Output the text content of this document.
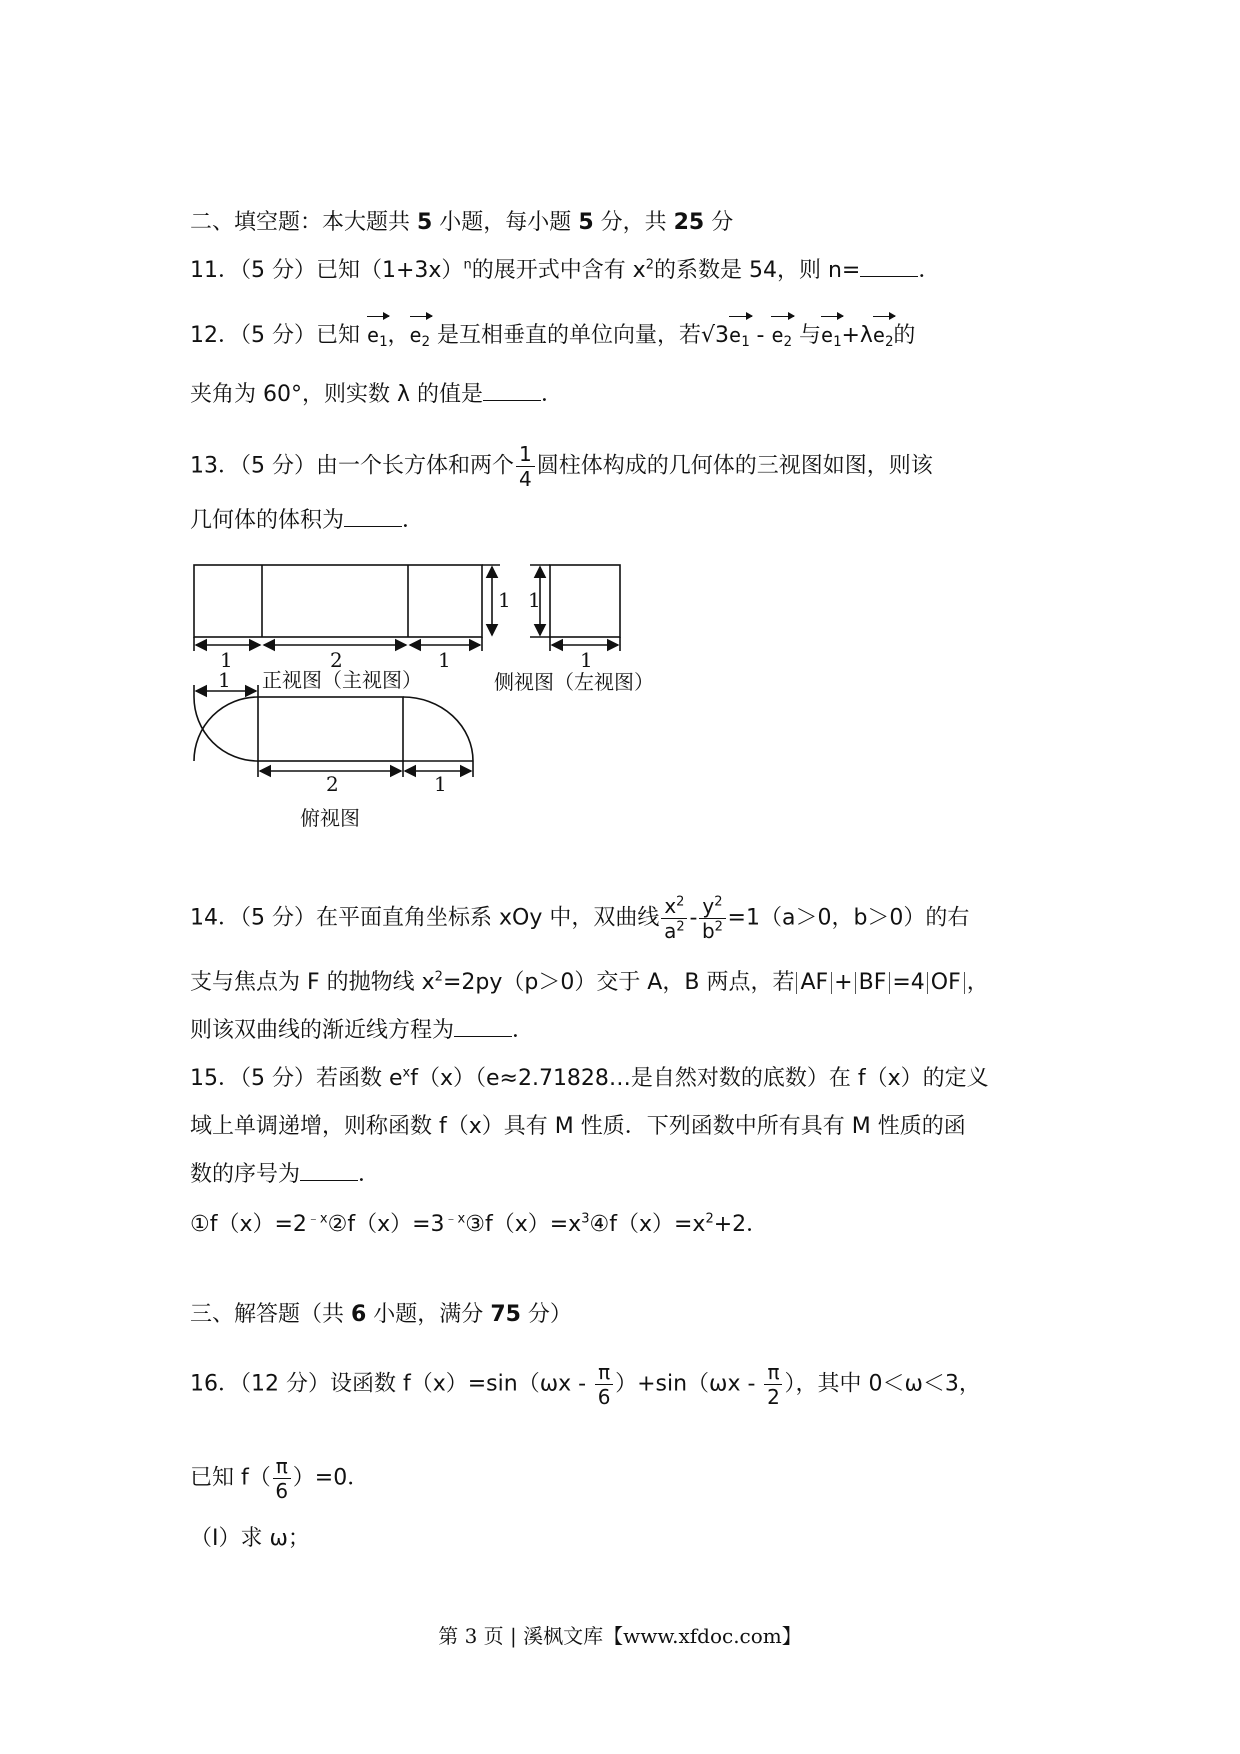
二、填空题：本大题共 5 小题，每小题 5 分，共 25 分
11．（5 分）已知$(1+3x)^n$的展开式中含有 $x^2$的系数是 54，则 n=	．
12．（5 分）已知 $e_1$，$e_2$ 是互相垂直的单位向量，若$√3e_1 - e_2$ 与$e_1+\lambda e_2$的
夹角为 60°，则实数 λ 的值是	．
13．（5 分）由一个长方体和两个 $\frac{1}{4}$ 圆柱体构成的几何体的三视图如图，则该
几何体的体积为	．
1	2	1
1 1
1
1
2	1
正视图（主视图）	侧视图（左视图）
俯视图
14．（5 分）在平面直角坐标系 xOy 中，双曲线 $\frac{x^2}{a^2} - \frac{y^2}{b^2} =1(a>0$，b＞0）的右
支与焦点为 F 的抛物线 $x^2=2py(p>0)$交于 A，B 两点，若 AF + BF =4 OF ，
则该双曲线的渐近线方程为	．
15．（5 分）若函数 $e^xf(x)(e\approx 2.71828\dots$是自然对数的底数）在 f（x）的定义
域上单调递增，则称函数 f（x）具有 M 性质．下列函数中所有具有 M 性质的函
数的序号为	．
$①f(x)=2^{﹣x}②f(x)=3^{﹣x}③f(x)=x^3④f(x)=x^2+2$．
三、解答题（共 6 小题，满分 75 分）
16．（12 分）设函数 $f(x)=\sin(\omega x - \frac{\pi}{6} )+\sin(\omega x - \frac{\pi}{2}$ ），其中 0＜ω＜3，
已知 $f( \frac{\pi}{6} )=0$．
（Ⅰ）求 ω；
第 3 页 | 溪枫文库【www.xfdoc.com】
